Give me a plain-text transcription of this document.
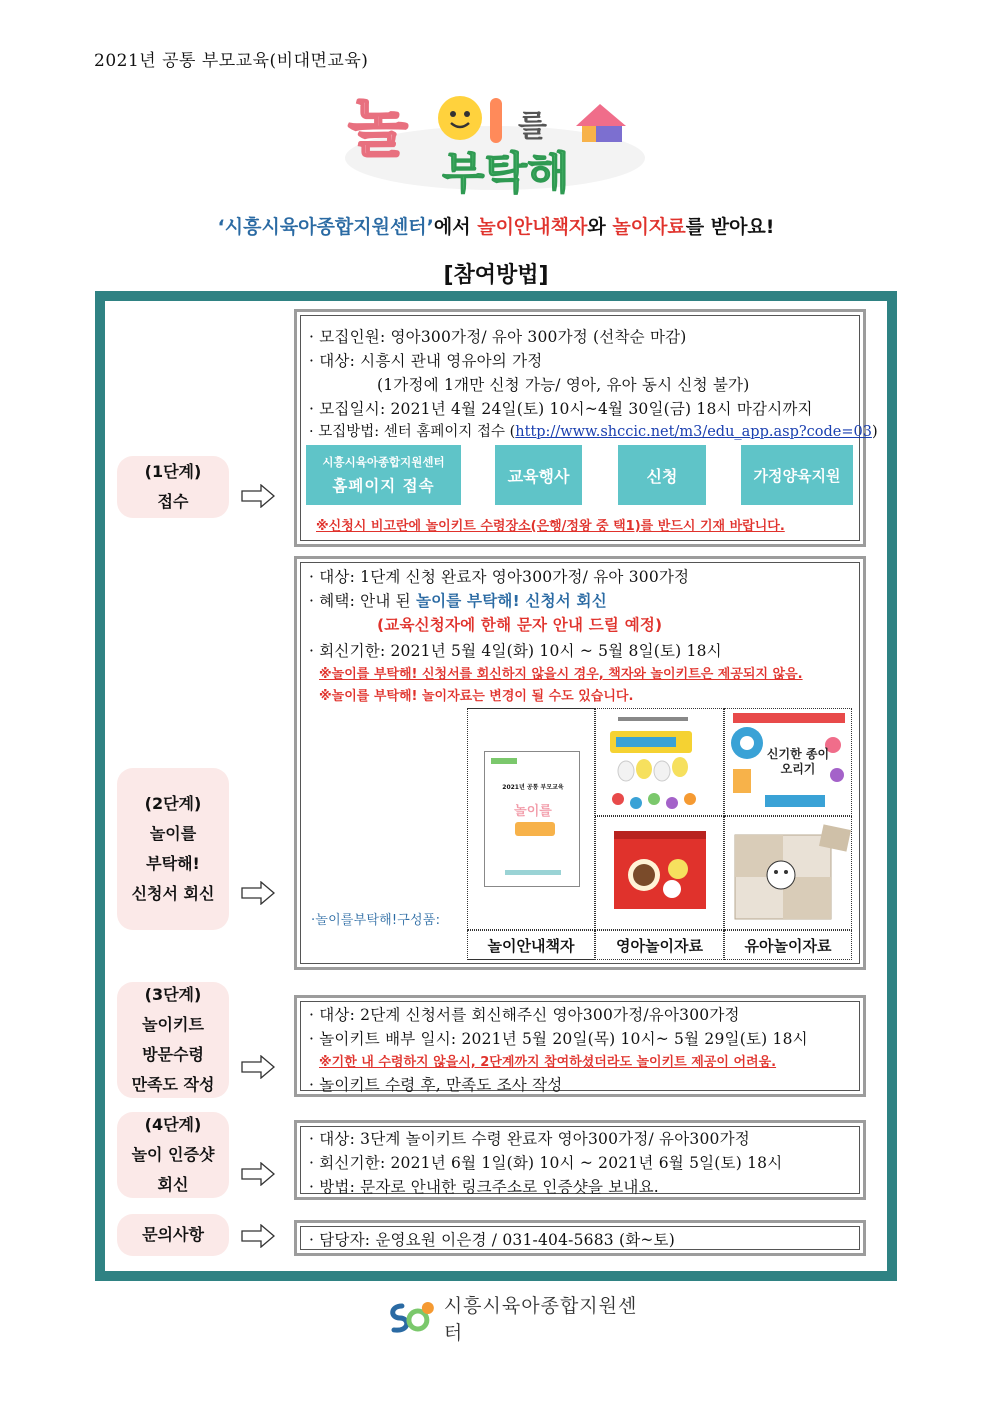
2021년 공통 부모교육(비대면교육)
놀	를
부탁해
‘시흥시육아종합지원센터’에서 놀이안내책자와 놀이자료를 받아요!
[참여방법]
(1단계)
접수
· 모집인원: 영아300가정/ 유아 300가정 (선착순 마감)
· 대상: 시흥시 관내 영유아의 가정
(1가정에 1개만 신청 가능/ 영아, 유아 동시 신청 불가)
· 모집일시: 2021년 4월 24일(토) 10시~4월 30일(금) 18시 마감시까지
· 모집방법: 센터 홈페이지 접수 (http://www.shccic.net/m3/edu_app.asp?code=03)
시흥시육아종합지원센터
홈페이지 접속
교육행사	신청	가정양육지원
※신청시 비고란에 놀이키트 수령장소(은행/정왕 중 택1)를 반드시 기재 바랍니다.
(2단계)
놀이를
부탁해!
신청서 회신
· 대상: 1단계 신청 완료자 영아300가정/ 유아 300가정
· 혜택: 안내 된 놀이를 부탁해! 신청서 회신
(교육신청자에 한해 문자 안내 드릴 예정)
· 회신기한: 2021년 5월 4일(화) 10시 ~ 5월 8일(토) 18시
※놀이를 부탁해! 신청서를 회신하지 않을시 경우, 책자와 놀이키트은 제공되지 않음.
※놀이를 부탁해! 놀이자료는 변경이 될 수도 있습니다.
·놀이를부탁해!구성품:
2021년 공통 부모교육
놀이를
신기한 종이 오리기
놀이안내책자	영아놀이자료	유아놀이자료
(3단계)
놀이키트
방문수령
만족도 작성
· 대상: 2단계 신청서를 회신해주신 영아300가정/유아300가정
· 놀이키트 배부 일시: 2021년 5월 20일(목) 10시~ 5월 29일(토) 18시
※기한 내 수령하지 않을시, 2단계까지 참여하셨더라도 놀이키트 제공이 어려움.
· 놀이키트 수령 후, 만족도 조사 작성
(4단계)
놀이 인증샷
회신
· 대상: 3단계 놀이키트 수령 완료자 영아300가정/ 유아300가정
· 회신기한: 2021년 6월 1일(화) 10시 ~ 2021년 6월 5일(토) 18시
· 방법: 문자로 안내한 링크주소로 인증샷을 보내요.
문의사항	· 담당자: 운영요원 이은경 / 031-404-5683 (화~토)
시흥시육아종합지원센터
